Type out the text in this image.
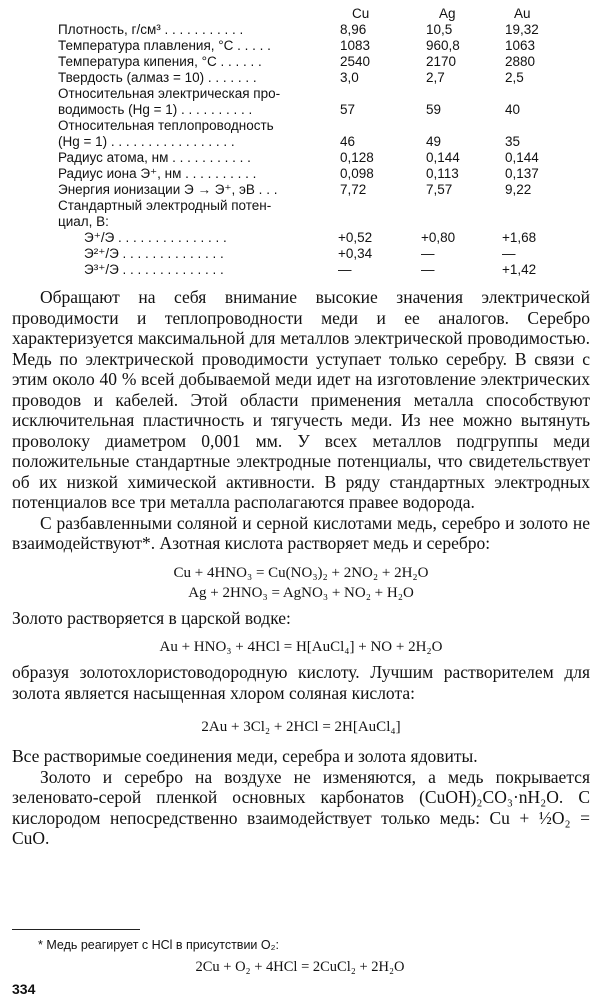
Cu	Ag	Au
Плотность, г/см³ . . . . . . . . . . .	8,96	10,5	19,32
Температура плавления, °C . . . . .	1083	960,8	1063
Температура кипения, °C . . . . . .	2540	2170	2880
Твердость (алмаз = 10) . . . . . . .	3,0	2,7	2,5
Относительная электрическая про-
водимость (Hg = 1) . . . . . . . . . .	57	59	40
Относительная теплопроводность
(Hg = 1) . . . . . . . . . . . . . . . . .	46	49	35
Радиус атома, нм . . . . . . . . . . .	0,128	0,144	0,144
Радиус иона Э⁺, нм . . . . . . . . . .	0,098	0,113	0,137
Энергия ионизации Э → Э⁺, эВ . . .	7,72	7,57	9,22
Стандартный электродный потен-
циал, В:
Э⁺/Э . . . . . . . . . . . . . . .	+0,52	+0,80	+1,68
Э²⁺/Э . . . . . . . . . . . . . .	+0,34	—	—
Э³⁺/Э . . . . . . . . . . . . . .	—	—	+1,42

Обращают на себя внимание высокие значения электрической проводимости и теплопроводности меди и ее аналогов. Серебро характеризуется максимальной для металлов электрической проводимостью. Медь по электрической проводимости уступает только серебру. В связи с этим около 40 % всей добываемой меди идет на изготовление электрических проводов и кабелей. Этой области применения металла способствуют исключительная пластичность и тягучесть меди. Из нее можно вытянуть проволоку диаметром 0,001 мм. У всех металлов подгруппы меди положительные стандартные электродные потенциалы, что свидетельствует об их низкой химической активности. В ряду стандартных электродных потенциалов все три металла располагаются правее водорода.

С разбавленными соляной и серной кислотами медь, серебро и золото не взаимодействуют*. Азотная кислота растворяет медь и серебро:

Cu + 4HNO₃ = Cu(NO₃)₂ + 2NO₂ + 2H₂O

Ag + 2HNO₃ = AgNO₃ + NO₂ + H₂O

Золото растворяется в царской водке:

Au + HNO₃ + 4HCl = H[AuCl₄] + NO + 2H₂O

образуя золотохлористоводородную кислоту. Лучшим растворителем для золота является насыщенная хлором соляная кислота:

2Au + 3Cl₂ + 2HCl = 2H[AuCl₄]

Все растворимые соединения меди, серебра и золота ядовиты.

Золото и серебро на воздухе не изменяются, а медь покрывается зеленовато-серой пленкой основных карбонатов (CuOH)₂CO₃·nH₂O. С кислородом непосредственно взаимодействует только медь: Cu + ½O₂ = CuO.

* Медь реагирует с HCl в присутствии O₂:
2Cu + O₂ + 4HCl = 2CuCl₂ + 2H₂O
334
